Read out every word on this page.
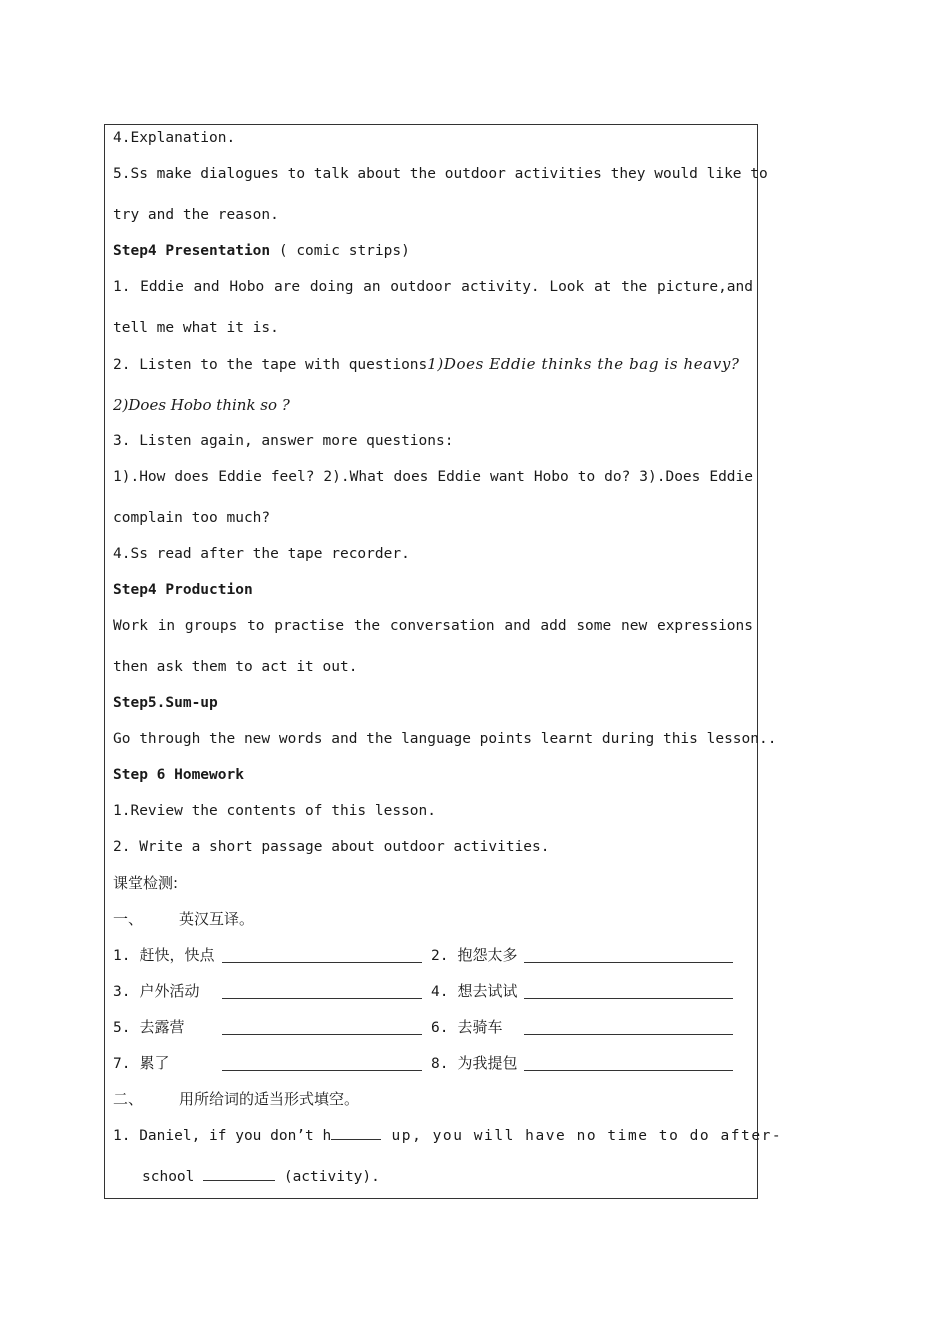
4.Explanation.
5.Ss make dialogues to talk about the outdoor activities they would like to
try and the reason.
Step4 Presentation ( comic strips)
1. Eddie and Hobo are doing an outdoor activity. Look at the picture,and
tell me what it is.
2. Listen to the tape with questions1)Does Eddie thinks the bag is heavy?
2)Does Hobo think so ?
3. Listen again, answer more questions:
1).How does Eddie feel? 2).What does Eddie want Hobo to do? 3).Does Eddie
complain too much?
4.Ss read after the tape recorder.
Step4 Production
Work in groups to practise the conversation and add some new expressions
then ask them to act it out.
Step5.Sum-up
Go through the new words and the language points learnt during this lesson..
Step 6 Homework
1.Review the contents of this lesson.
2. Write a short passage about outdoor activities.
课堂检测:
一、 英汉互译。
1. 赶快，快点	2. 抱怨太多
3. 户外活动	4. 想去试试
5. 去露营	6. 去骑车
7. 累了	8. 为我提包
二、 用所给词的适当形式填空。
1. Daniel, if you don’t h	up, you will have no time to do after-
school	(activity).
